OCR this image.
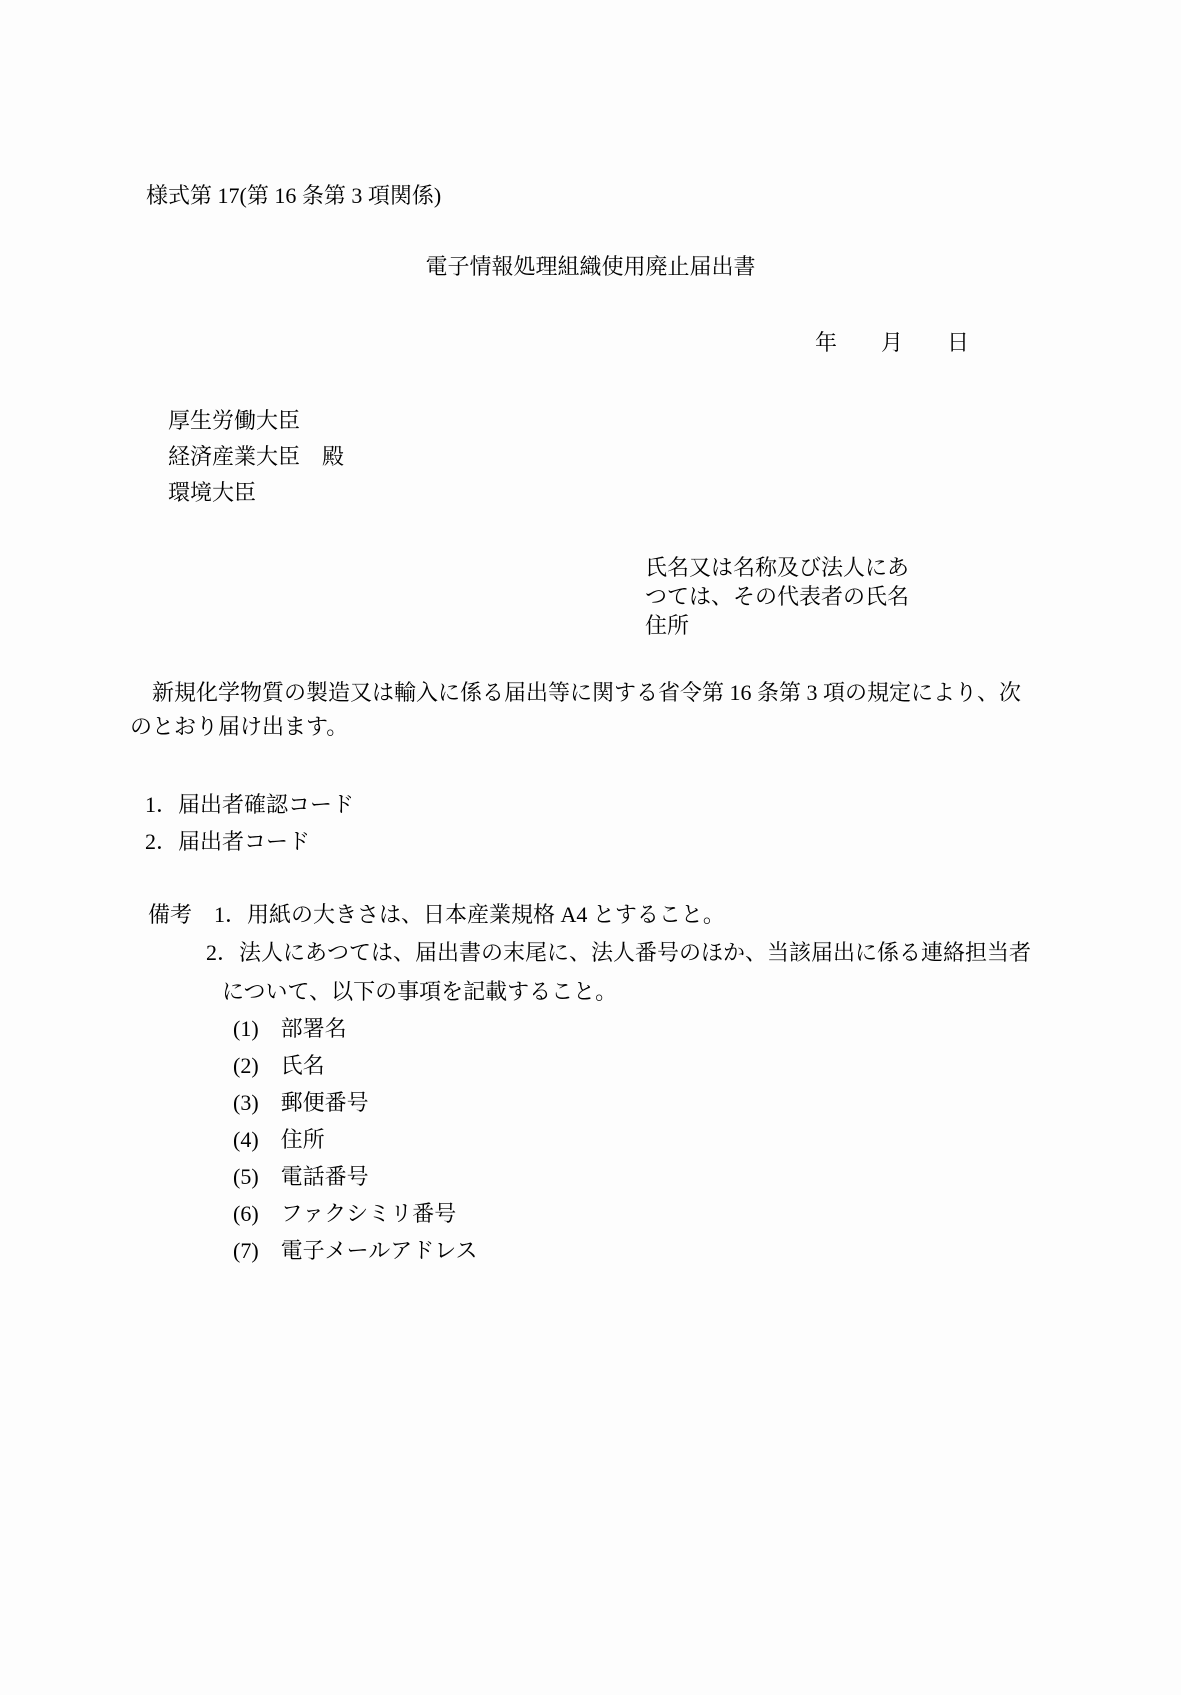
様式第 17(第 16 条第 3 項関係)
電子情報処理組織使用廃止届出書
年　　月　　日
厚生労働大臣
経済産業大臣　殿
環境大臣
氏名又は名称及び法人にあ
つては、その代表者の氏名
住所
　新規化学物質の製造又は輸入に係る届出等に関する省令第 16 条第 3 項の規定により、次
のとおり届け出ます。
1．届出者確認コード
2．届出者コード
備考　1．用紙の大きさは、日本産業規格 A4 とすること。
2．法人にあつては、届出書の末尾に、法人番号のほか、当該届出に係る連絡担当者
について、以下の事項を記載すること。
(1)　部署名
(2)　氏名
(3)　郵便番号
(4)　住所
(5)　電話番号
(6)　ファクシミリ番号
(7)　電子メールアドレス
